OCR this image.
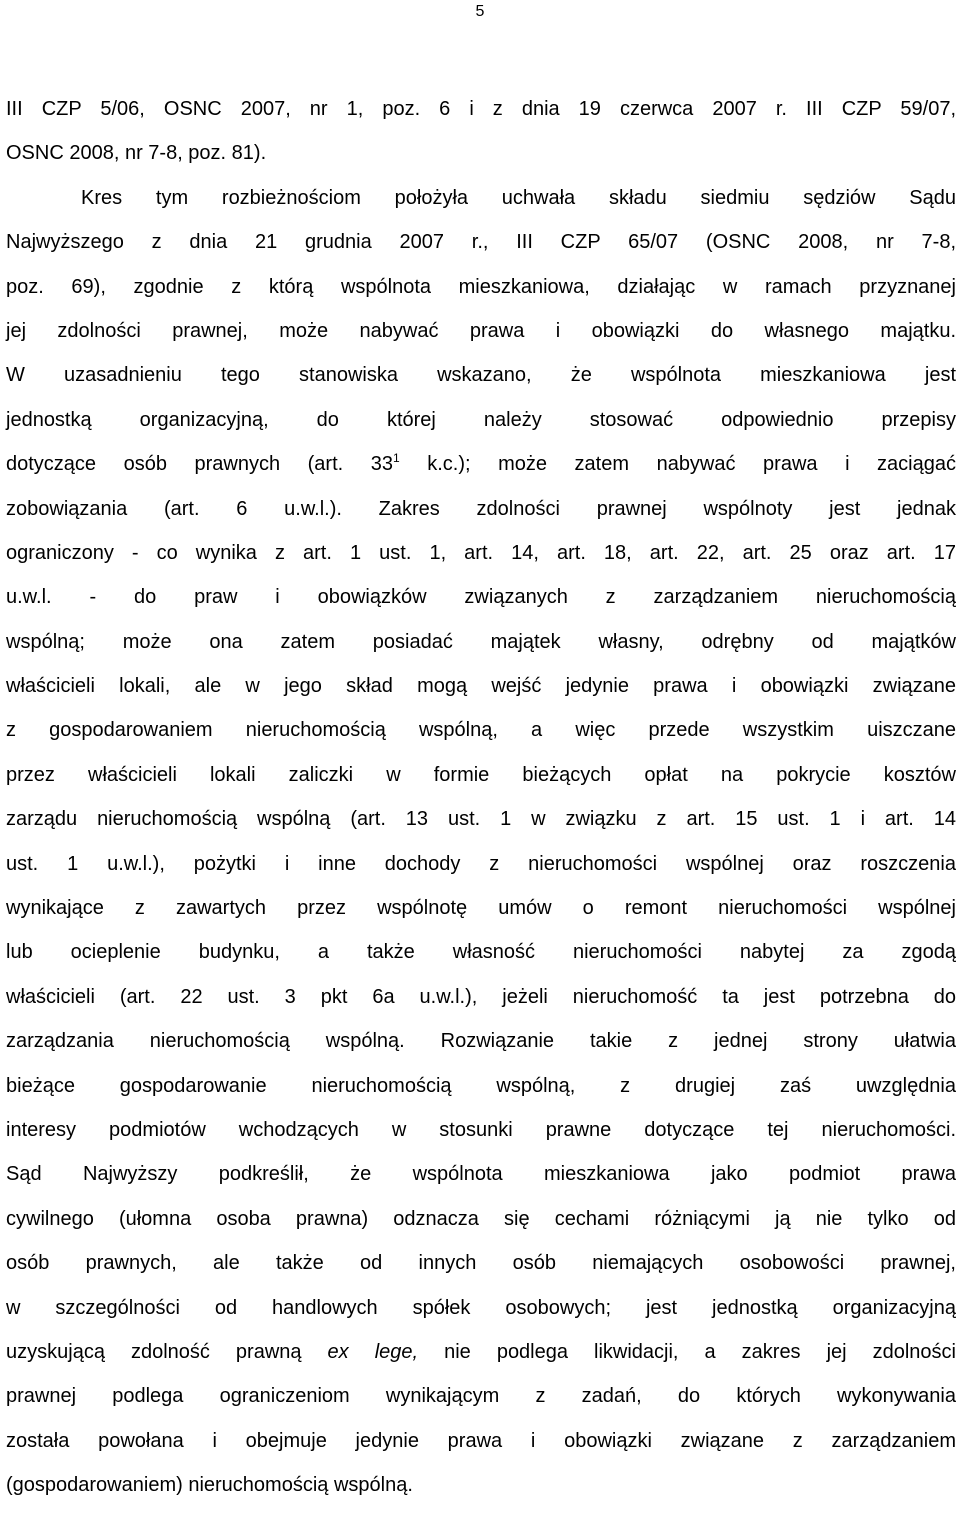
5
III CZP 5/06, OSNC 2007, nr 1, poz. 6 i z dnia 19 czerwca 2007 r. III CZP 59/07,
OSNC 2008, nr 7-8, poz. 81).
Kres tym rozbieżnościom położyła uchwała składu siedmiu sędziów Sądu
Najwyższego z dnia 21 grudnia 2007 r., III CZP 65/07 (OSNC 2008, nr 7-8,
poz. 69), zgodnie z którą wspólnota mieszkaniowa, działając w ramach przyznanej
jej zdolności prawnej, może nabywać prawa i obowiązki do własnego majątku.
W uzasadnieniu tego stanowiska wskazano, że wspólnota mieszkaniowa jest
jednostką organizacyjną, do której należy stosować odpowiednio przepisy
dotyczące osób prawnych (art. $33^1$ k.c.); może zatem nabywać prawa i zaciągać
zobowiązania (art. 6 u.w.l.). Zakres zdolności prawnej wspólnoty jest jednak
ograniczony - co wynika z art. 1 ust. 1, art. 14, art. 18, art. 22, art. 25 oraz art. 17
u.w.l. - do praw i obowiązków związanych z zarządzaniem nieruchomością
wspólną; może ona zatem posiadać majątek własny, odrębny od majątków
właścicieli lokali, ale w jego skład mogą wejść jedynie prawa i obowiązki związane
z gospodarowaniem nieruchomością wspólną, a więc przede wszystkim uiszczane
przez właścicieli lokali zaliczki w formie bieżących opłat na pokrycie kosztów
zarządu nieruchomością wspólną (art. 13 ust. 1 w związku z art. 15 ust. 1 i art. 14
ust. 1 u.w.l.), pożytki i inne dochody z nieruchomości wspólnej oraz roszczenia
wynikające z zawartych przez wspólnotę umów o remont nieruchomości wspólnej
lub ocieplenie budynku, a także własność nieruchomości nabytej za zgodą
właścicieli (art. 22 ust. 3 pkt 6a u.w.l.), jeżeli nieruchomość ta jest potrzebna do
zarządzania nieruchomością wspólną. Rozwiązanie takie z jednej strony ułatwia
bieżące gospodarowanie nieruchomością wspólną, z drugiej zaś uwzględnia
interesy podmiotów wchodzących w stosunki prawne dotyczące tej nieruchomości.
Sąd Najwyższy podkreślił, że wspólnota mieszkaniowa jako podmiot prawa
cywilnego (ułomna osoba prawna) odznacza się cechami różniącymi ją nie tylko od
osób prawnych, ale także od innych osób niemających osobowości prawnej,
w szczególności od handlowych spółek osobowych; jest jednostką organizacyjną
uzyskującą zdolność prawną ex lege, nie podlega likwidacji, a zakres jej zdolności
prawnej podlega ograniczeniom wynikającym z zadań, do których wykonywania
została powołana i obejmuje jedynie prawa i obowiązki związane z zarządzaniem
(gospodarowaniem) nieruchomością wspólną.
